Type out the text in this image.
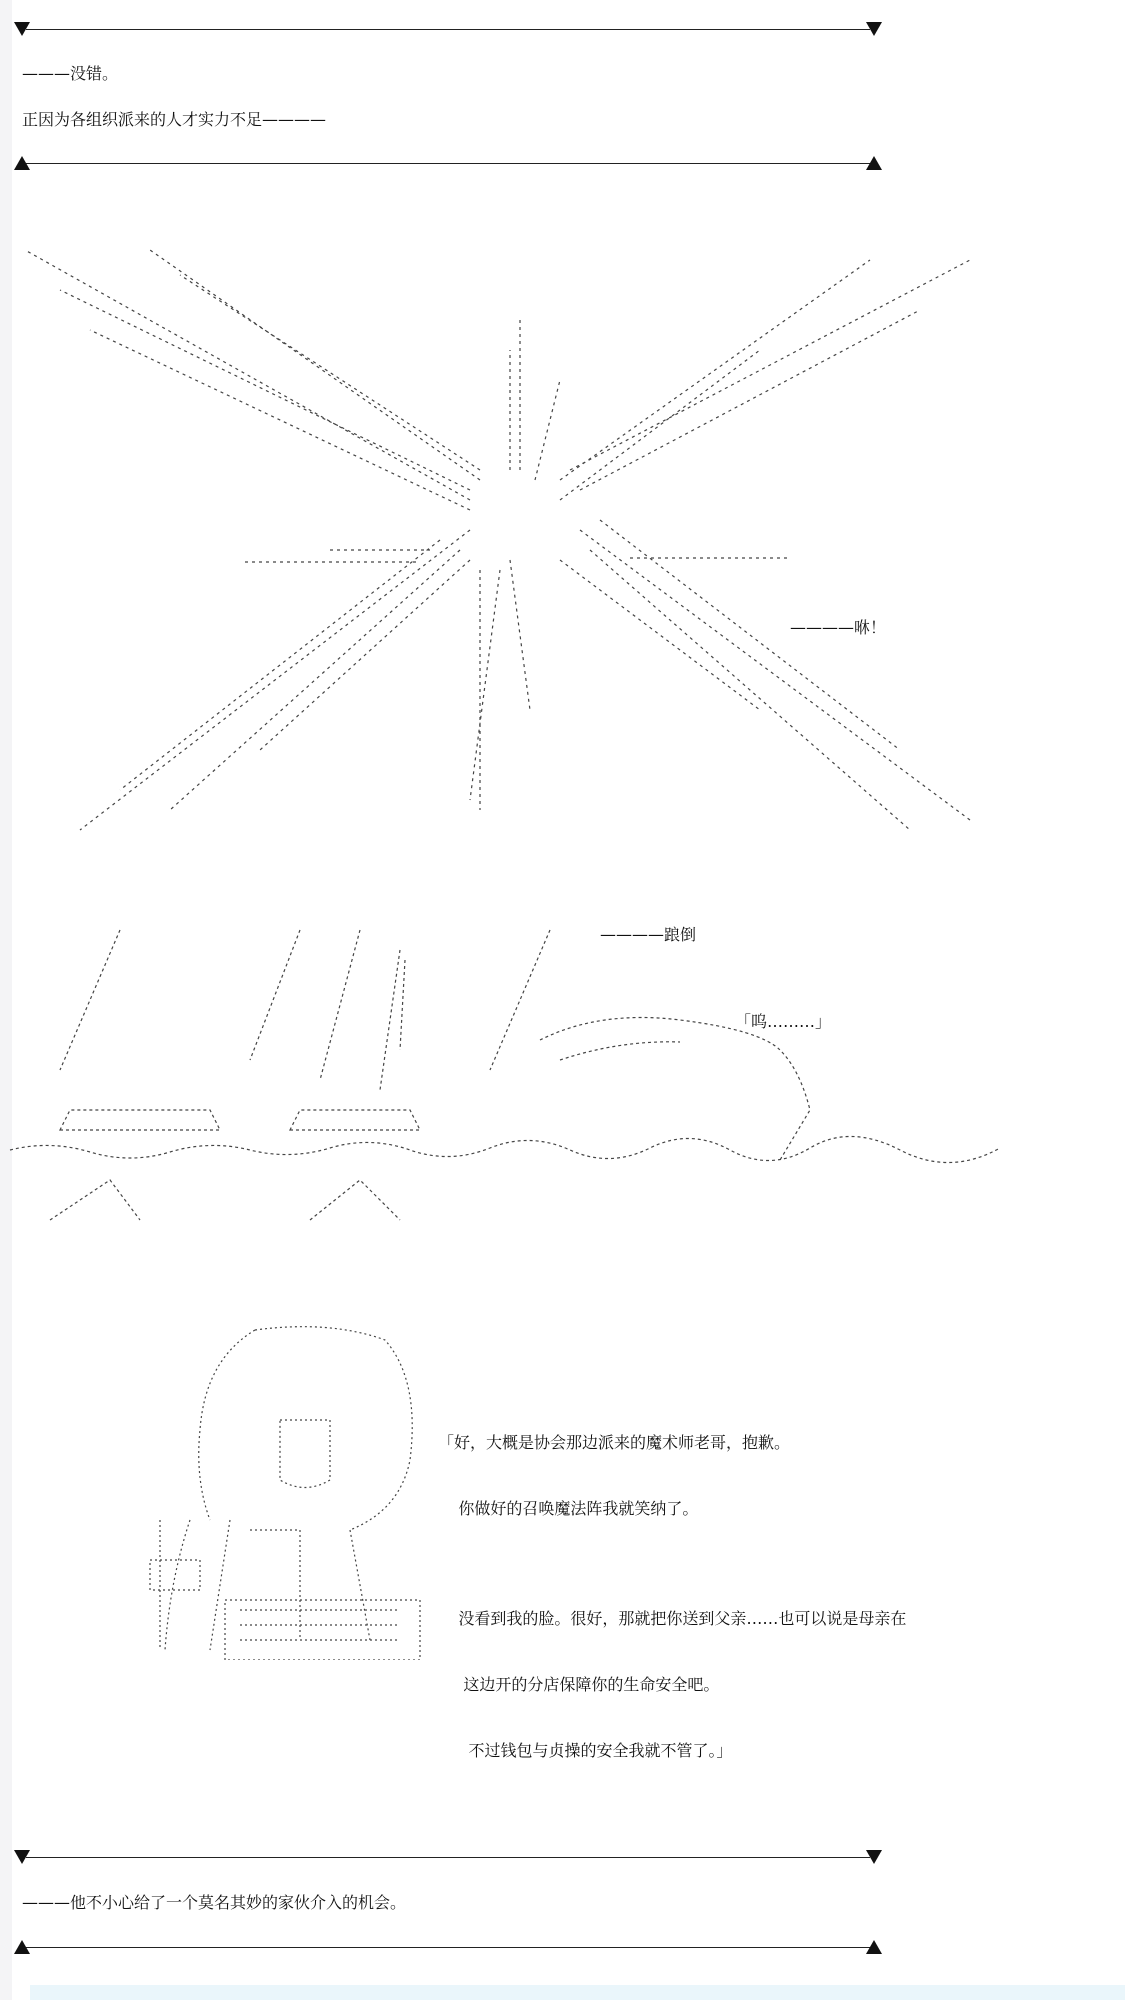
———没错。
正因为各组织派来的人才实力不足————
————咻！
————踉倒
「呜………」

「好，大概是协会那边派来的魔术师老哥，抱歉。

你做好的召唤魔法阵我就笑纳了。

没看到我的脸。很好，那就把你送到父亲……也可以说是母亲在

这边开的分店保障你的生命安全吧。

不过钱包与贞操的安全我就不管了。」

———他不小心给了一个莫名其妙的家伙介入的机会。
